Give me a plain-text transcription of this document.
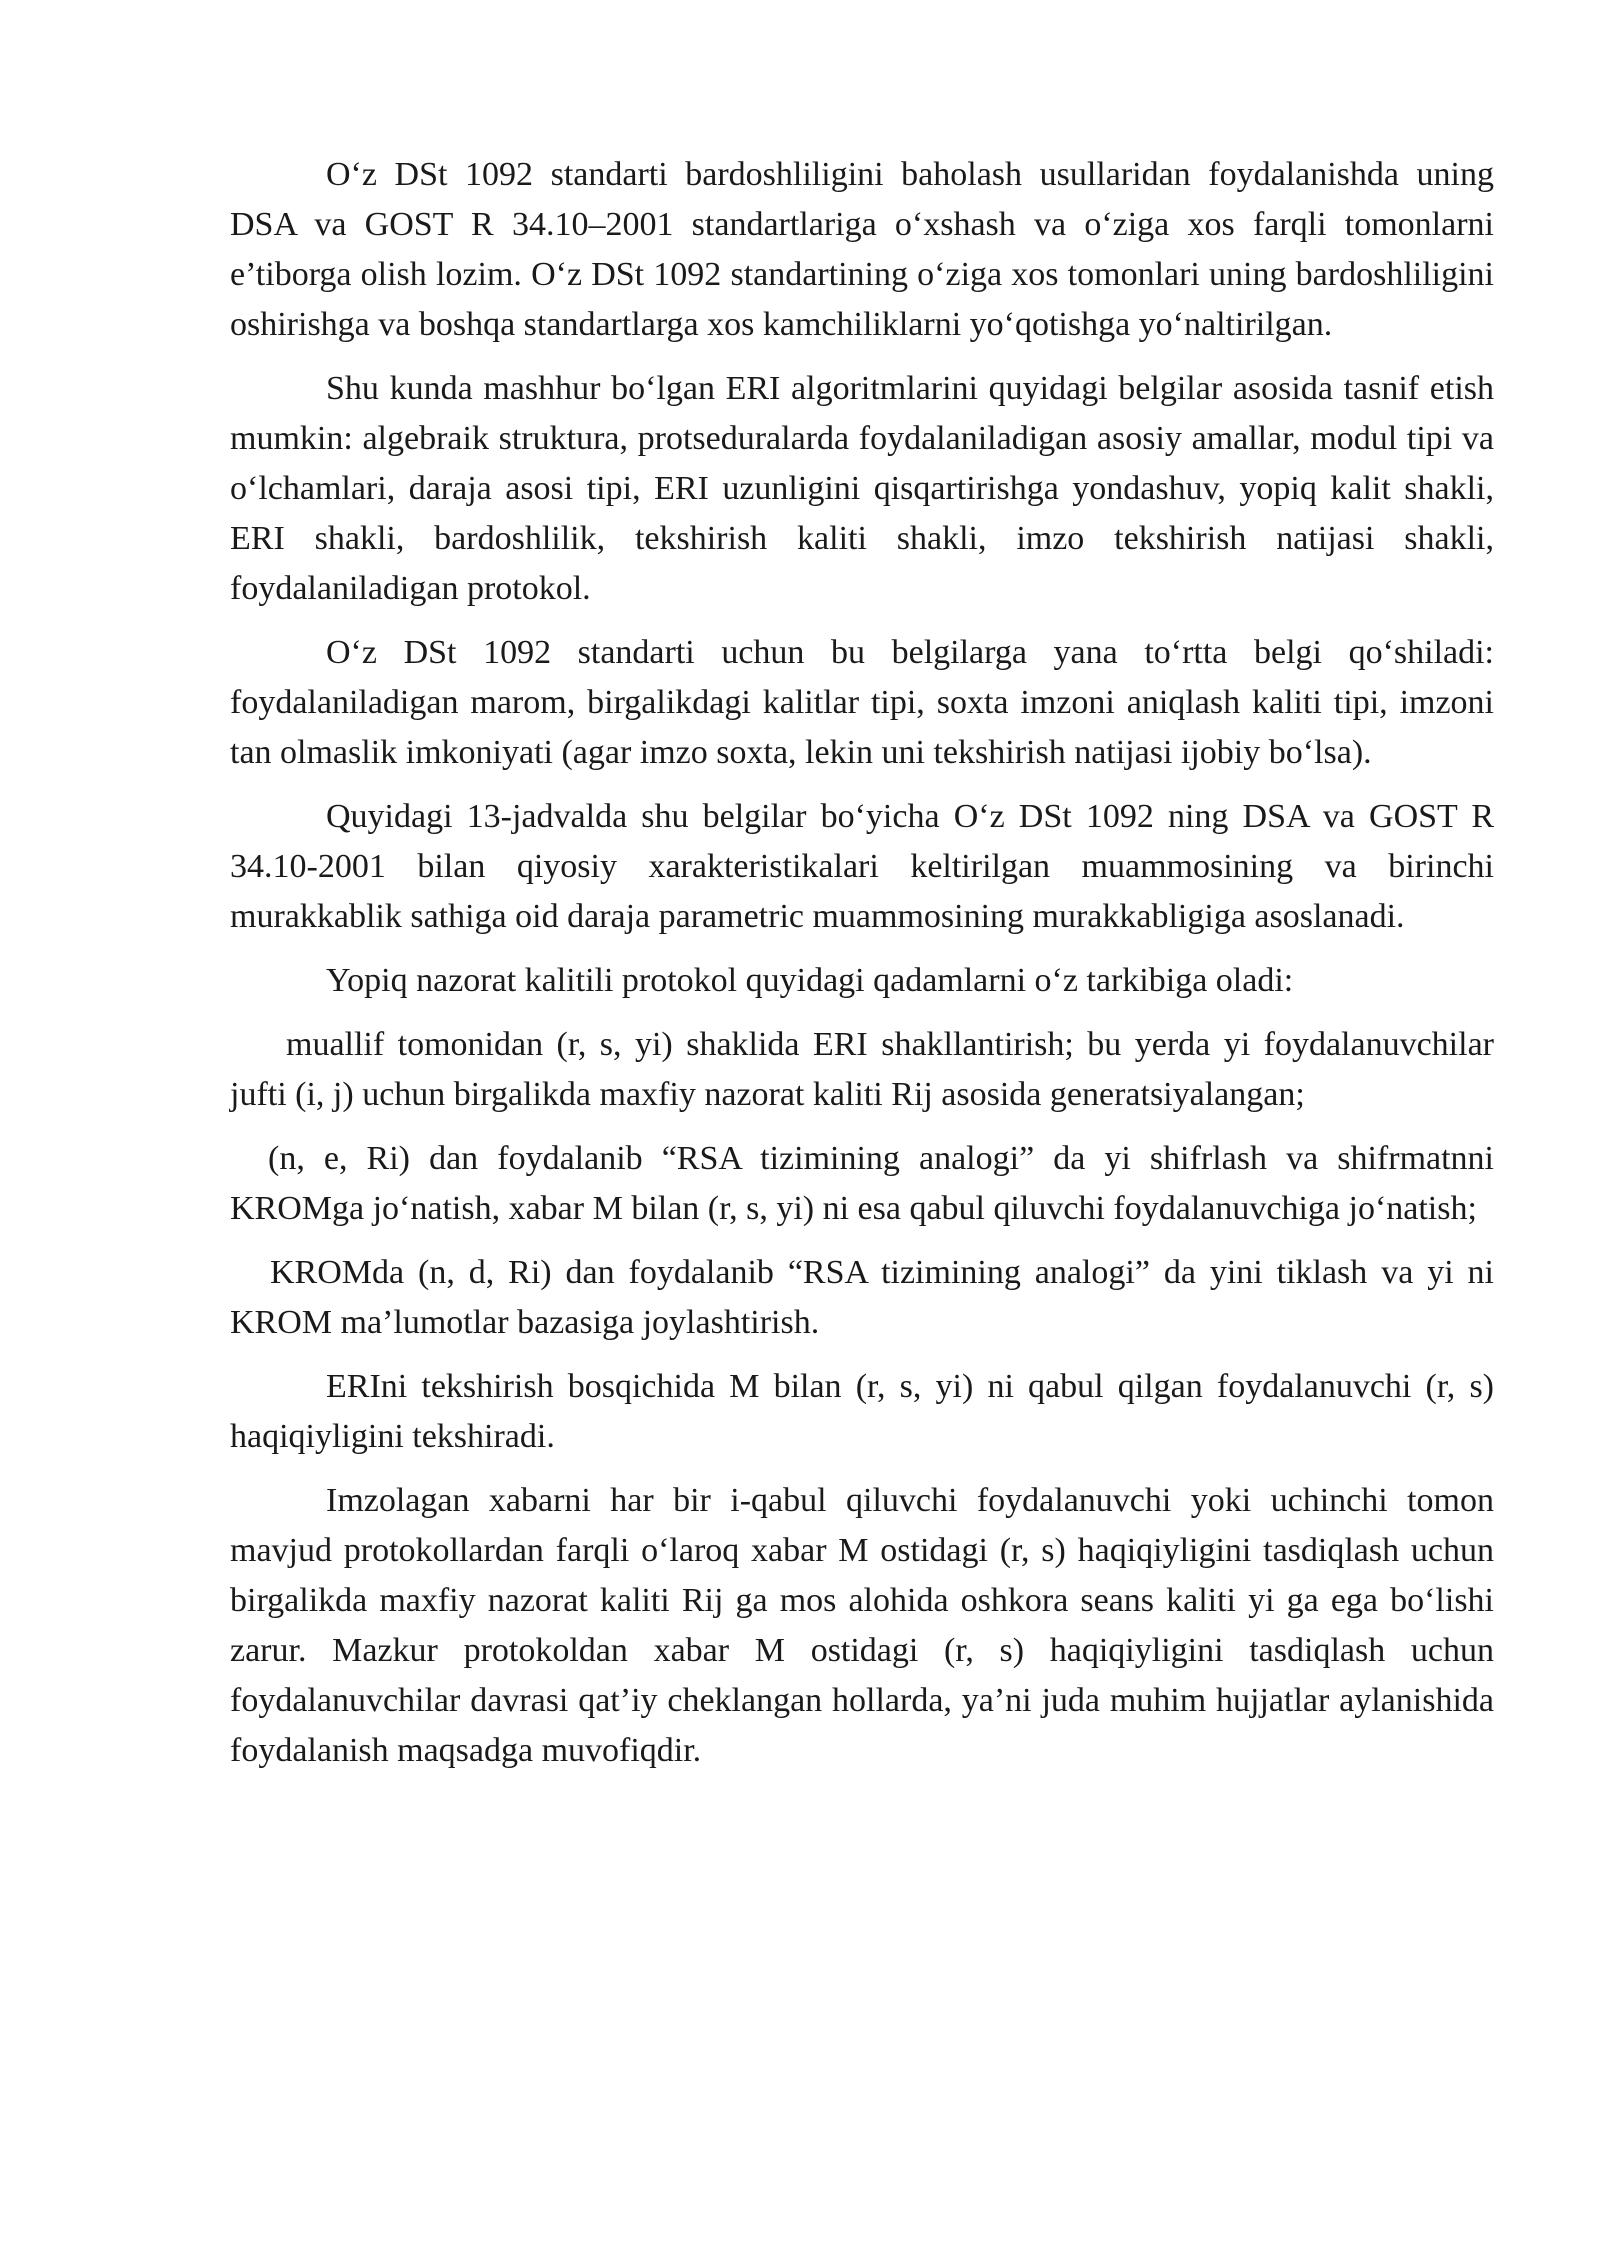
O‘z DSt 1092 standarti bardoshliligini baholash usullaridan foydalanishda uning DSA va GOST R 34.10–2001 standartlariga o‘xshash va o‘ziga xos farqli tomonlarni e’tiborga olish lozim. O‘z DSt 1092 standartining o‘ziga xos tomonlari uning bardoshliligini oshirishga va boshqa standartlarga xos kamchiliklarni yo‘qotishga yo‘naltirilgan.

Shu kunda mashhur bo‘lgan ERI algoritmlarini quyidagi belgilar asosida tasnif etish mumkin: algebraik struktura, protseduralarda foydalaniladigan asosiy amallar, modul tipi va o‘lchamlari, daraja asosi tipi, ERI uzunligini qisqartirishga yondashuv, yopiq kalit shakli, ERI shakli, bardoshlilik, tekshirish kaliti shakli, imzo tekshirish natijasi shakli, foydalaniladigan protokol.

O‘z DSt 1092 standarti uchun bu belgilarga yana to‘rtta belgi qo‘shiladi: foydalaniladigan marom, birgalikdagi kalitlar tipi, soxta imzoni aniqlash kaliti tipi, imzoni tan olmaslik imkoniyati (agar imzo soxta, lekin uni tekshirish natijasi ijobiy bo‘lsa).

Quyidagi 13-jadvalda shu belgilar bo‘yicha O‘z DSt 1092 ning DSA va GOST R 34.10-2001 bilan qiyosiy xarakteristikalari keltirilgan muammosining va birinchi murakkablik sathiga oid daraja parametric muammosining murakkabligiga asoslanadi.

Yopiq nazorat kalitili protokol quyidagi qadamlarni o‘z tarkibiga oladi:

muallif tomonidan (r, s, yi) shaklida ERI shakllantirish; bu yerda yi foydalanuvchilar jufti (i, j) uchun birgalikda maxfiy nazorat kaliti Rij asosida generatsiyalangan;

(n, e, Ri) dan foydalanib “RSA tizimining analogi” da yi shifrlash va shifrmatnni KROMga jo‘natish, xabar M bilan (r, s, yi) ni esa qabul qiluvchi foydalanuvchiga jo‘natish;

KROMda (n, d, Ri) dan foydalanib “RSA tizimining analogi” da yini tiklash va yi ni KROM ma’lumotlar bazasiga joylashtirish.

ERIni tekshirish bosqichida M bilan (r, s, yi) ni qabul qilgan foydalanuvchi (r, s) haqiqiyligini tekshiradi.

Imzolagan xabarni har bir i-qabul qiluvchi foydalanuvchi yoki uchinchi tomon mavjud protokollardan farqli o‘laroq xabar M ostidagi (r, s) haqiqiyligini tasdiqlash uchun birgalikda maxfiy nazorat kaliti Rij ga mos alohida oshkora seans kaliti yi ga ega bo‘lishi zarur. Mazkur protokoldan xabar M ostidagi (r, s) haqiqiyligini tasdiqlash uchun foydalanuvchilar davrasi qat’iy cheklangan hollarda, ya’ni juda muhim hujjatlar aylanishida foydalanish maqsadga muvofiqdir.
